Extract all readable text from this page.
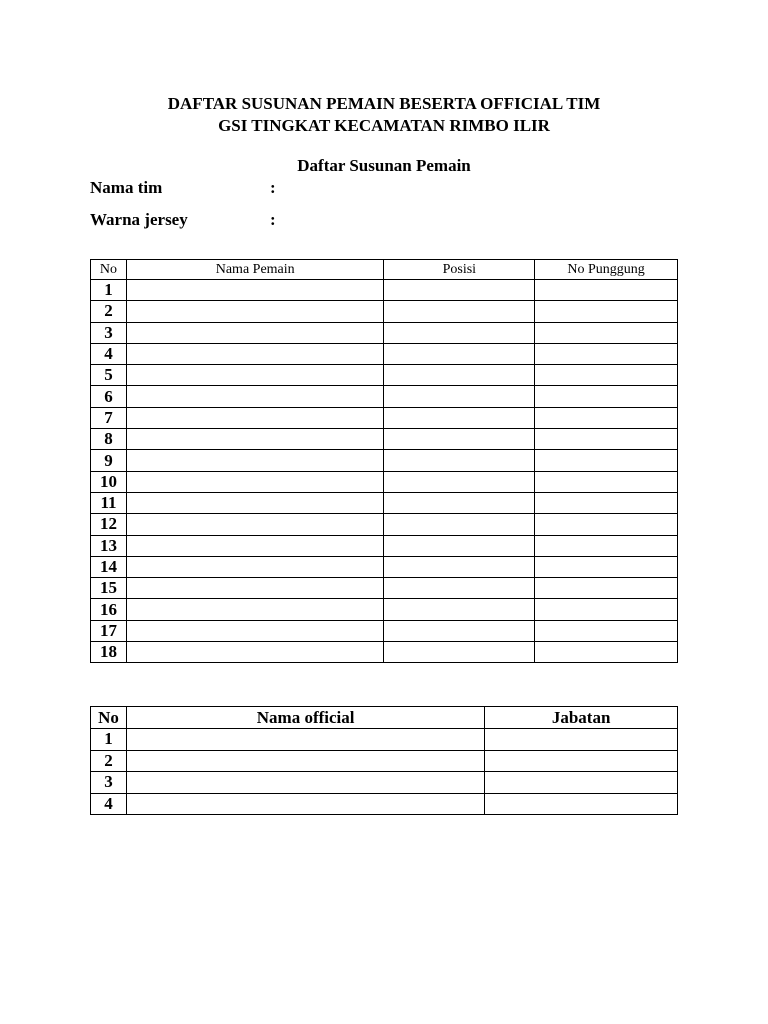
DAFTAR SUSUNAN PEMAIN BESERTA OFFICIAL TIM
GSI TINGKAT KECAMATAN RIMBO ILIR
Daftar Susunan Pemain
Nama tim	:
Warna jersey	:
No	Nama Pemain	Posisi	No Punggung
1			
2			
3			
4			
5			
6			
7			
8			
9			
10			
11			
12			
13			
14			
15			
16			
17			
18			
No	Nama official	Jabatan
1		
2		
3		
4		
